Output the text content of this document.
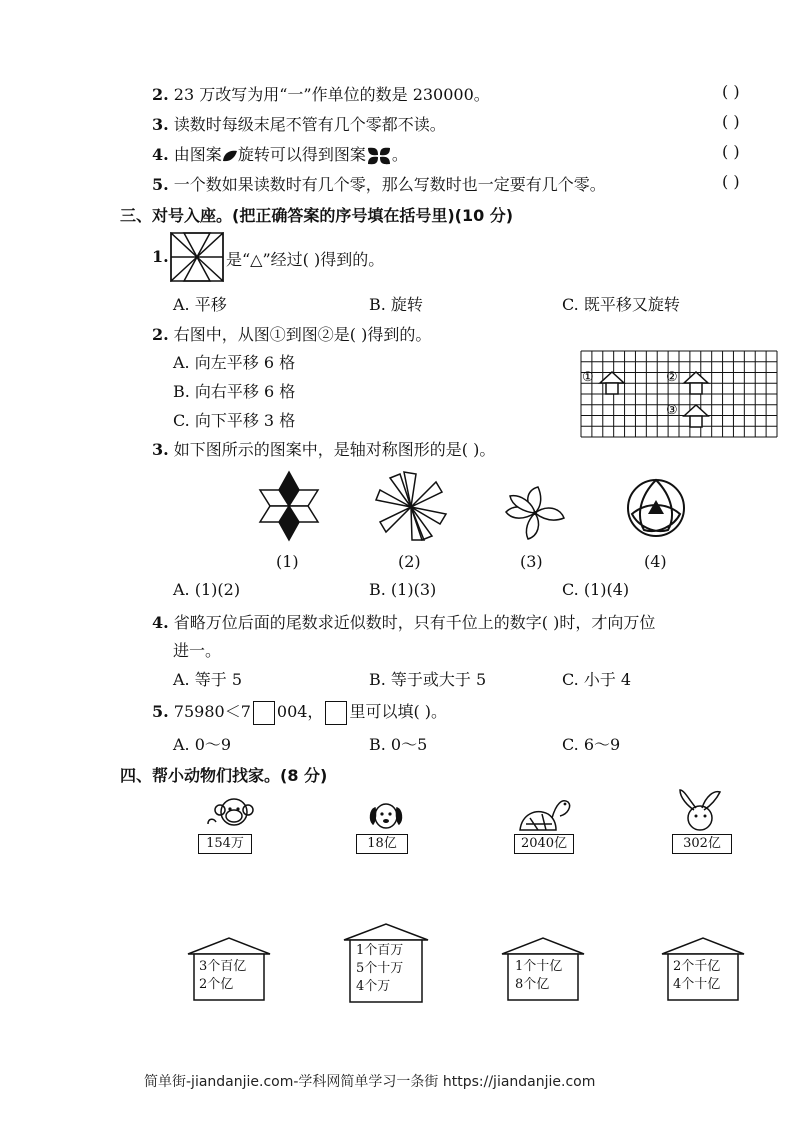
2. 23 万改写为用“一”作单位的数是 230000。	( )
3. 读数时每级末尾不管有几个零都不读。	( )
4. 由图案 旋转可以得到图案 。	( )
5. 一个数如果读数时有几个零，那么写数时也一定要有几个零。	( )
三、对号入座。(把正确答案的序号填在括号里)(10 分)
1.	是“△”经过( )得到的。
A. 平移	B. 旋转	C. 既平移又旋转
2. 右图中，从图①到图②是( )得到的。
A. 向左平移 6 格
B. 向右平移 6 格
C. 向下平移 3 格
①	②
③
3. 如下图所示的图案中，是轴对称图形的是( )。
(1)	(2)	(3)	(4)
A. (1)(2)	B. (1)(3)	C. (1)(4)
4. 省略万位后面的尾数求近似数时，只有千位上的数字( )时，才向万位
进一。
A. 等于 5	B. 等于或大于 5	C. 小于 4
5. 75980＜7 004， 里可以填( )。
A. 0～9	B. 0～5	C. 6～9
四、帮小动物们找家。(8 分)
154万	18亿	2040亿	302亿
3个百亿
2个亿
1个百万
5个十万
4个万
1个十亿
8个亿
2个千亿
4个十亿
简单街-jiandanjie.com-学科网简单学习一条街 https://jiandanjie.com
